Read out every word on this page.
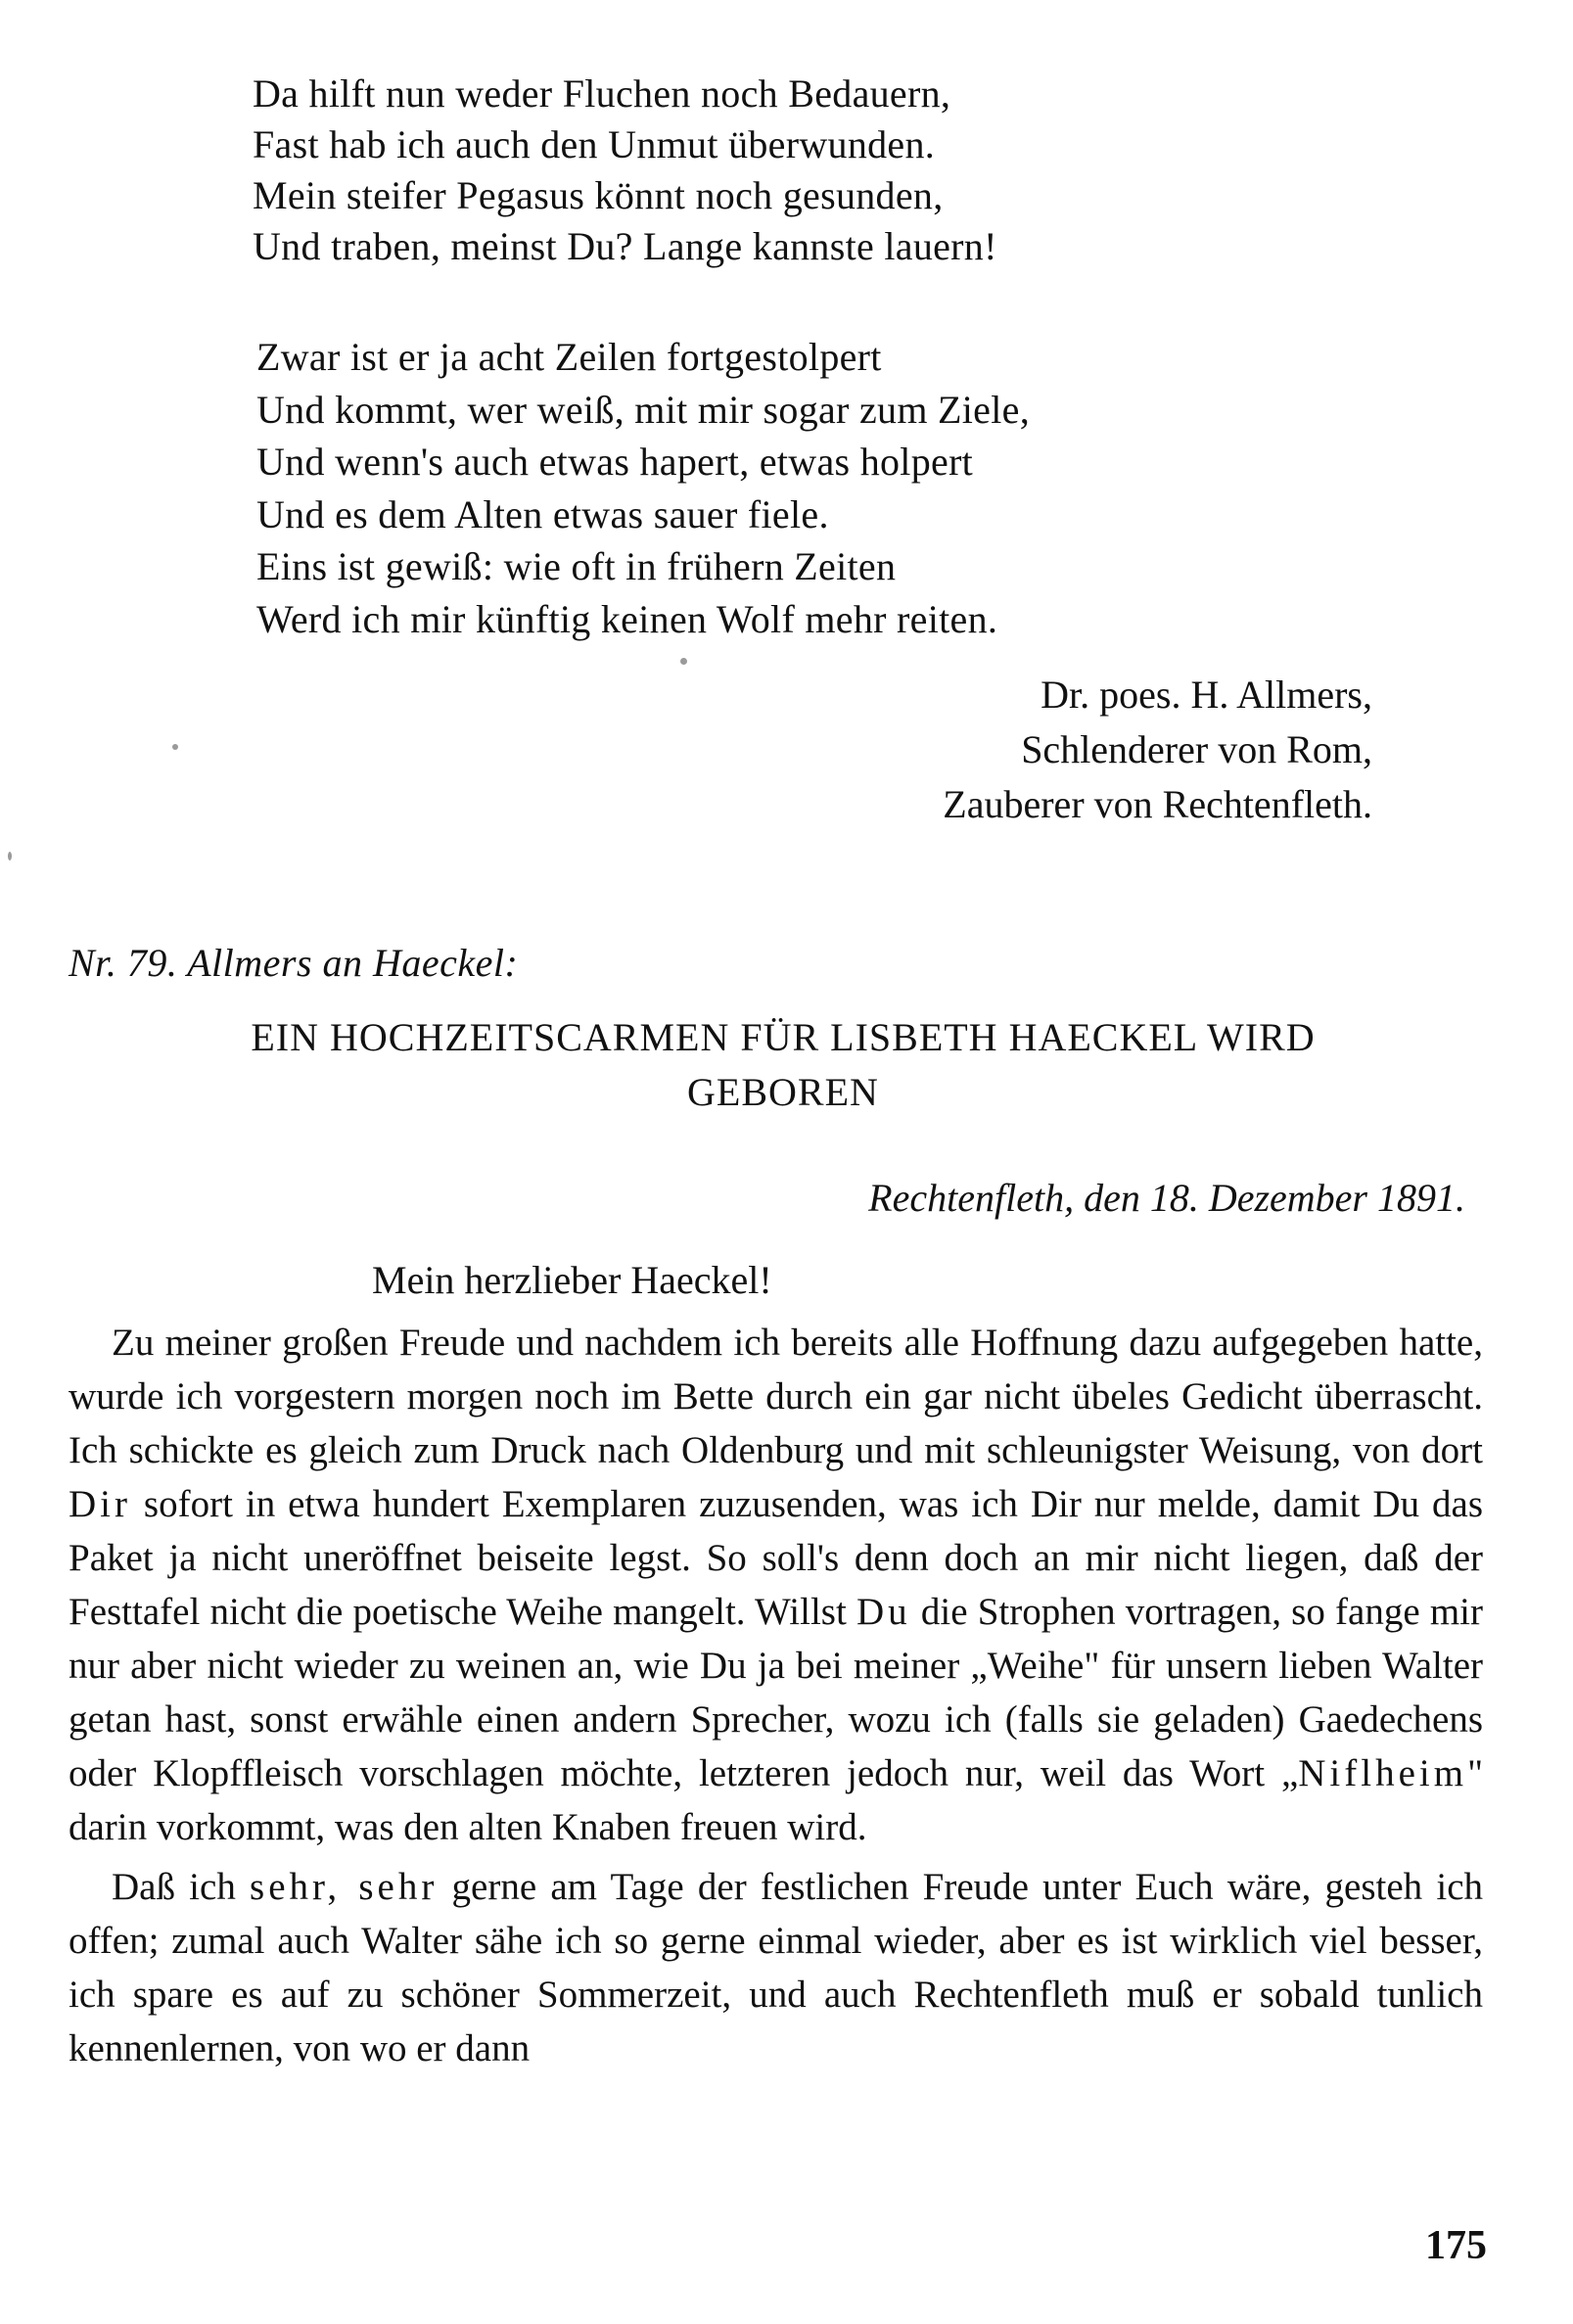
Da hilft nun weder Fluchen noch Bedauern,
Fast hab ich auch den Unmut überwunden.
Mein steifer Pegasus könnt noch gesunden,
Und traben, meinst Du? Lange kannste lauern!
Zwar ist er ja acht Zeilen fortgestolpert
Und kommt, wer weiß, mit mir sogar zum Ziele,
Und wenn's auch etwas hapert, etwas holpert
Und es dem Alten etwas sauer fiele.
Eins ist gewiß: wie oft in frühern Zeiten
Werd ich mir künftig keinen Wolf mehr reiten.
Dr. poes. H. Allmers,
Schlenderer von Rom,
Zauberer von Rechtenfleth.
Nr. 79. Allmers an Haeckel:
EIN HOCHZEITSCARMEN FÜR LISBETH HAECKEL WIRD
GEBOREN
Rechtenfleth, den 18. Dezember 1891.
Mein herzlieber Haeckel!

Zu meiner großen Freude und nachdem ich bereits alle Hoffnung dazu aufgegeben hatte, wurde ich vorgestern morgen noch im Bette durch ein gar nicht übeles Gedicht überrascht. Ich schickte es gleich zum Druck nach Oldenburg und mit schleunigster Weisung, von dort Dir sofort in etwa hundert Exemplaren zuzusenden, was ich Dir nur melde, damit Du das Paket ja nicht uneröffnet beiseite legst. So soll's denn doch an mir nicht liegen, daß der Festtafel nicht die poetische Weihe mangelt. Willst Du die Strophen vortragen, so fange mir nur aber nicht wieder zu weinen an, wie Du ja bei meiner „Weihe" für unsern lieben Walter getan hast, sonst erwähle einen andern Sprecher, wozu ich (falls sie geladen) Gaedechens oder Klopffleisch vorschlagen möchte, letzteren jedoch nur, weil das Wort „Niflheim" darin vorkommt, was den alten Knaben freuen wird.

Daß ich sehr, sehr gerne am Tage der festlichen Freude unter Euch wäre, gesteh ich offen; zumal auch Walter sähe ich so gerne einmal wieder, aber es ist wirklich viel besser, ich spare es auf zu schöner Sommerzeit, und auch Rechtenfleth muß er sobald tunlich kennenlernen, von wo er dann

175
